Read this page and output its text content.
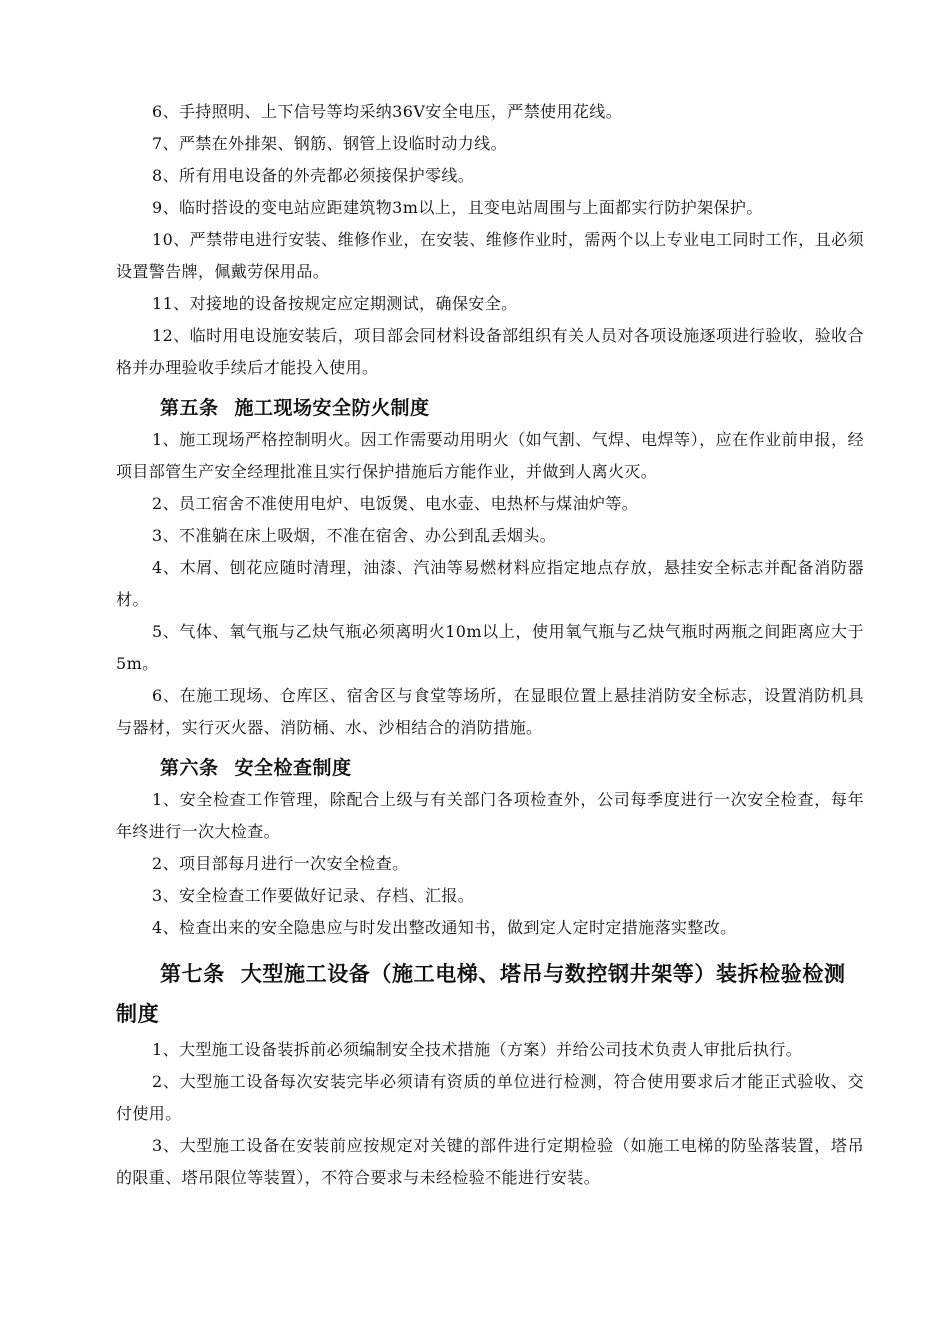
6、手持照明、上下信号等均采纳36V安全电压，严禁使用花线。

7、严禁在外排架、钢筋、钢管上设临时动力线。

8、所有用电设备的外壳都必须接保护零线。

9、临时搭设的变电站应距建筑物3m以上，且变电站周围与上面都实行防护架保护。

10、严禁带电进行安装、维修作业，在安装、维修作业时，需两个以上专业电工同时工作，且必须设置警告牌，佩戴劳保用品。

11、对接地的设备按规定应定期测试，确保安全。

12、临时用电设施安装后，项目部会同材料设备部组织有关人员对各项设施逐项进行验收，验收合格并办理验收手续后才能投入使用。

第五条 施工现场安全防火制度

1、施工现场严格控制明火。因工作需要动用明火（如气割、气焊、电焊等），应在作业前申报，经项目部管生产安全经理批准且实行保护措施后方能作业，并做到人离火灭。

2、员工宿舍不准使用电炉、电饭煲、电水壶、电热杯与煤油炉等。

3、不准躺在床上吸烟，不准在宿舍、办公到乱丢烟头。

4、木屑、刨花应随时清理，油漆、汽油等易燃材料应指定地点存放，悬挂安全标志并配备消防器材。

5、气体、氧气瓶与乙炔气瓶必须离明火10m以上，使用氧气瓶与乙炔气瓶时两瓶之间距离应大于5m。

6、在施工现场、仓库区、宿舍区与食堂等场所，在显眼位置上悬挂消防安全标志，设置消防机具与器材，实行灭火器、消防桶、水、沙相结合的消防措施。

第六条 安全检查制度

1、安全检查工作管理，除配合上级与有关部门各项检查外，公司每季度进行一次安全检查，每年年终进行一次大检查。

2、项目部每月进行一次安全检查。

3、安全检查工作要做好记录、存档、汇报。

4、检查出来的安全隐患应与时发出整改通知书，做到定人定时定措施落实整改。

第七条 大型施工设备（施工电梯、塔吊与数控钢井架等）装拆检验检测制度

1、大型施工设备装拆前必须编制安全技术措施（方案）并给公司技术负责人审批后执行。

2、大型施工设备每次安装完毕必须请有资质的单位进行检测，符合使用要求后才能正式验收、交付使用。

3、大型施工设备在安装前应按规定对关键的部件进行定期检验（如施工电梯的防坠落装置，塔吊的限重、塔吊限位等装置），不符合要求与未经检验不能进行安装。
